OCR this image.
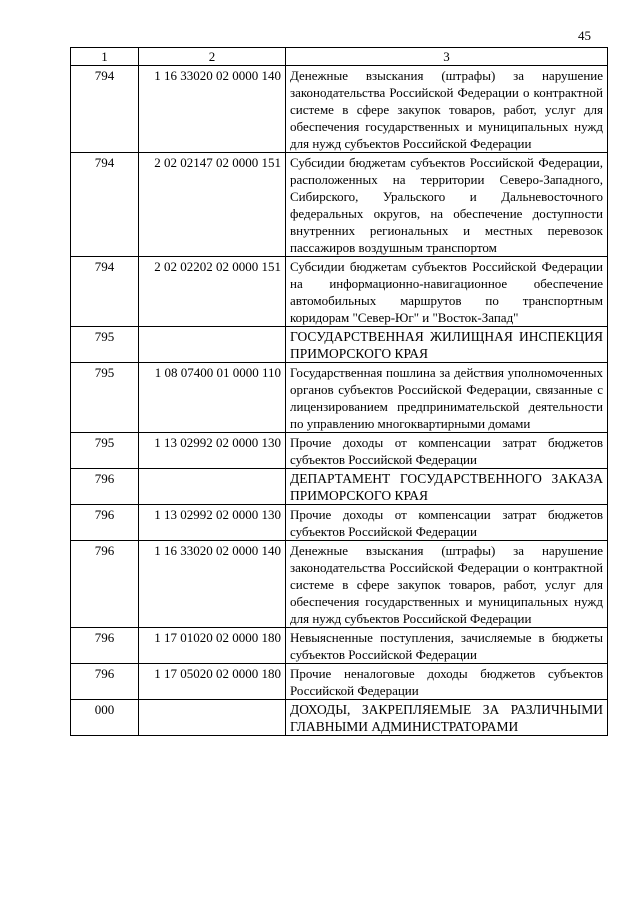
45
1	2	3
794	1 16 33020 02 0000 140	Денежные взыскания (штрафы) за нарушение законодательства Российской Федерации о контрактной системе в сфере закупок товаров, работ, услуг для обеспечения государственных и муниципальных нужд для нужд субъектов Российской Федерации
794	2 02 02147 02 0000 151	Субсидии бюджетам субъектов Российской Федерации, расположенных на территории Северо-Западного, Сибирского, Уральского и Дальневосточного федеральных округов, на обеспечение доступности внутренних региональных и местных перевозок пассажиров воздушным транспортом
794	2 02 02202 02 0000 151	Субсидии бюджетам субъектов Российской Федерации на информационно-навигационное обеспечение автомобильных маршрутов по транспортным коридорам "Север-Юг" и "Восток-Запад"
795		ГОСУДАРСТВЕННАЯ ЖИЛИЩНАЯ ИНСПЕКЦИЯ ПРИМОРСКОГО КРАЯ
795	1 08 07400 01 0000 110	Государственная пошлина за действия уполномоченных органов субъектов Российской Федерации, связанные с лицензированием предпринимательской деятельности по управлению многоквартирными домами
795	1 13 02992 02 0000 130	Прочие доходы от компенсации затрат бюджетов субъектов Российской Федерации
796		ДЕПАРТАМЕНТ ГОСУДАРСТВЕННОГО ЗАКАЗА ПРИМОРСКОГО КРАЯ
796	1 13 02992 02 0000 130	Прочие доходы от компенсации затрат бюджетов субъектов Российской Федерации
796	1 16 33020 02 0000 140	Денежные взыскания (штрафы) за нарушение законодательства Российской Федерации о контрактной системе в сфере закупок товаров, работ, услуг для обеспечения государственных и муниципальных нужд для нужд субъектов Российской Федерации
796	1 17 01020 02 0000 180	Невыясненные поступления, зачисляемые в бюджеты субъектов Российской Федерации
796	1 17 05020 02 0000 180	Прочие неналоговые доходы бюджетов субъектов Российской Федерации
000		ДОХОДЫ, ЗАКРЕПЛЯЕМЫЕ ЗА РАЗЛИЧНЫМИ ГЛАВНЫМИ АДМИНИСТРАТОРАМИ
